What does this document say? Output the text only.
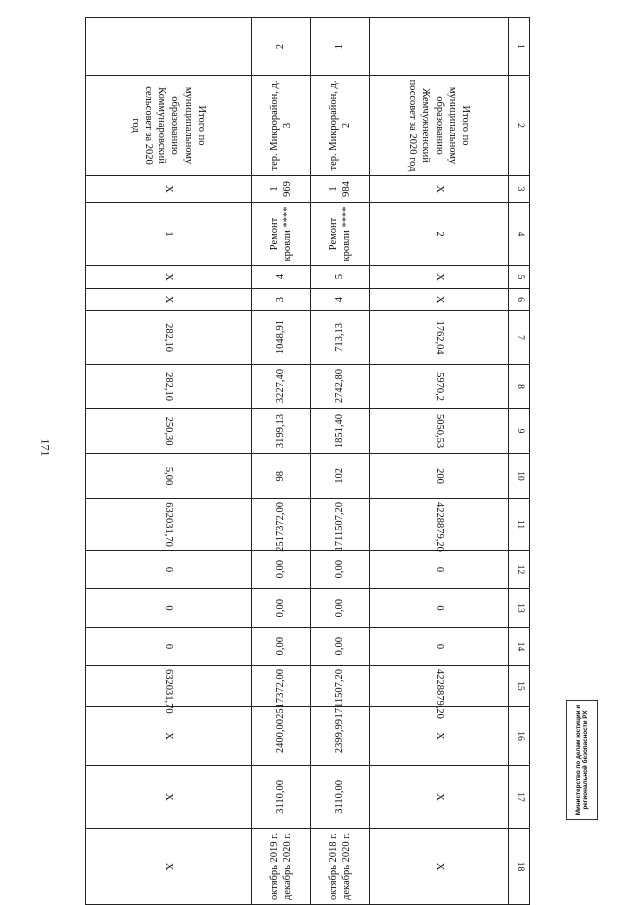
171
1	2	3	4	5	6	7	8	9	10	11	12	13	14	15	16	17	18
	Итого по муниципальному образованию Жемчужненский поссовет за 2020 год	X	2	X	X	1762,04	5970,2	5050,53	200	4228879,20	0	0	0	4228879,20	X	X	X
1	тер. Микрорайон, д. 2	1 984	Ремонт кровли ****	5	4	713,13	2742,80	1851,40	102	1711507,20	0,00	0,00	0,00	1711507,20	2399,99	3110,00	октябрь 2018 г. декабрь 2020 г.
2	тер. Микрорайон, д. 3	1 969	Ремонт кровли ****	4	3	1048,91	3227,40	3199,13	98	2517372,00	0,00	0,00	0,00	2517372,00	2400,00	3110,00	октябрь 2019 г. декабрь 2020 г.
	Итого по муниципальному образованию Коммунаровский сельсовет за 2020 год	X	1	X	X	282,10	282,10	250,30	5,00	632031,70	0	0	0	632031,70	X	X	X
Министерство по делам юстиции и региональной безопасности РХ
